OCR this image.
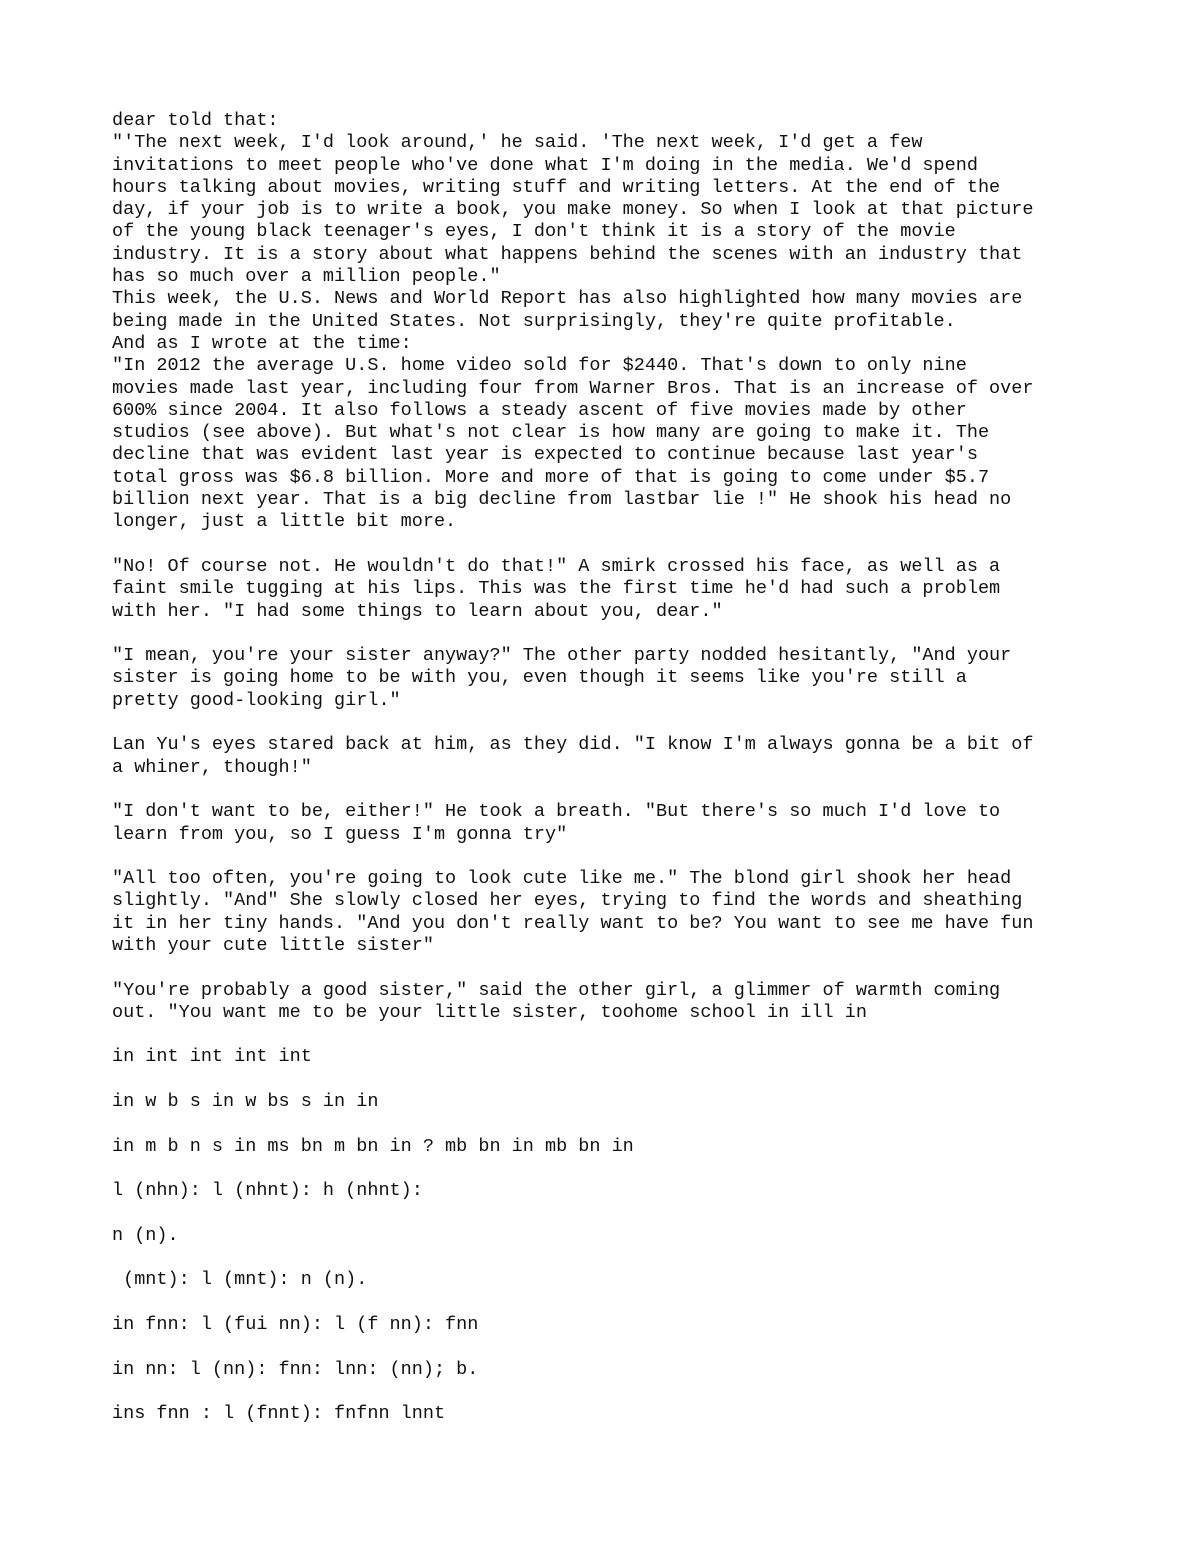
dear told that:
"'The next week, I'd look around,' he said. 'The next week, I'd get a few
invitations to meet people who've done what I'm doing in the media. We'd spend
hours talking about movies, writing stuff and writing letters. At the end of the
day, if your job is to write a book, you make money. So when I look at that picture
of the young black teenager's eyes, I don't think it is a story of the movie
industry. It is a story about what happens behind the scenes with an industry that
has so much over a million people."
This week, the U.S. News and World Report has also highlighted how many movies are
being made in the United States. Not surprisingly, they're quite profitable.
And as I wrote at the time:
"In 2012 the average U.S. home video sold for $2440. That's down to only nine
movies made last year, including four from Warner Bros. That is an increase of over
600% since 2004. It also follows a steady ascent of five movies made by other
studios (see above). But what's not clear is how many are going to make it. The
decline that was evident last year is expected to continue because last year's
total gross was $6.8 billion. More and more of that is going to come under $5.7
billion next year. That is a big decline from lastbar lie !" He shook his head no
longer, just a little bit more.
"No! Of course not. He wouldn't do that!" A smirk crossed his face, as well as a
faint smile tugging at his lips. This was the first time he'd had such a problem
with her. "I had some things to learn about you, dear."
"I mean, you're your sister anyway?" The other party nodded hesitantly, "And your
sister is going home to be with you, even though it seems like you're still a
pretty good-looking girl."
Lan Yu's eyes stared back at him, as they did. "I know I'm always gonna be a bit of
a whiner, though!"
"I don't want to be, either!" He took a breath. "But there's so much I'd love to
learn from you, so I guess I'm gonna try"
"All too often, you're going to look cute like me." The blond girl shook her head
slightly. "And" She slowly closed her eyes, trying to find the words and sheathing
it in her tiny hands. "And you don't really want to be? You want to see me have fun
with your cute little sister"
"You're probably a good sister," said the other girl, a glimmer of warmth coming
out. "You want me to be your little sister, toohome school in ill in
in int int int int
in w b s in w bs s in in
in m b n s in ms bn m bn in ? mb bn in mb bn in
l (nhn): l (nhnt): h (nhnt):
n (n).
(mnt): l (mnt): n (n).
in fnn: l (fui nn): l (f nn): fnn
in nn: l (nn): fnn: lnn: (nn); b.
ins fnn : l (fnnt): fnfnn lnnt
